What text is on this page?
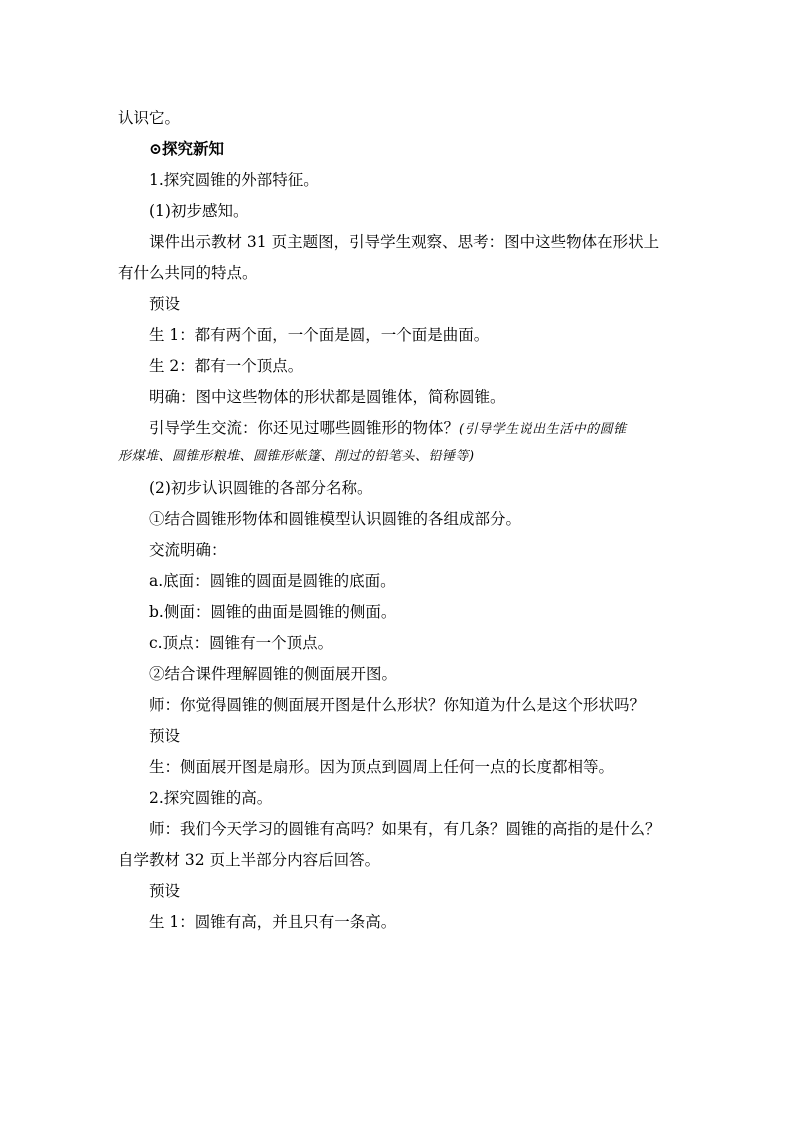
认识它。
⊙探究新知
1.探究圆锥的外部特征。
(1)初步感知。
课件出示教材 31 页主题图，引导学生观察、思考：图中这些物体在形状上
有什么共同的特点。
预设
生 1：都有两个面，一个面是圆，一个面是曲面。
生 2：都有一个顶点。
明确：图中这些物体的形状都是圆锥体，简称圆锥。
引导学生交流：你还见过哪些圆锥形的物体？(引导学生说出生活中的圆锥
形煤堆、圆锥形粮堆、圆锥形帐篷、削过的铅笔头、铅锤等)
(2)初步认识圆锥的各部分名称。
①结合圆锥形物体和圆锥模型认识圆锥的各组成部分。
交流明确：
a.底面：圆锥的圆面是圆锥的底面。
b.侧面：圆锥的曲面是圆锥的侧面。
c.顶点：圆锥有一个顶点。
②结合课件理解圆锥的侧面展开图。
师：你觉得圆锥的侧面展开图是什么形状？你知道为什么是这个形状吗？
预设
生：侧面展开图是扇形。因为顶点到圆周上任何一点的长度都相等。
2.探究圆锥的高。
师：我们今天学习的圆锥有高吗？如果有，有几条？圆锥的高指的是什么？
自学教材 32 页上半部分内容后回答。
预设
生 1：圆锥有高，并且只有一条高。
